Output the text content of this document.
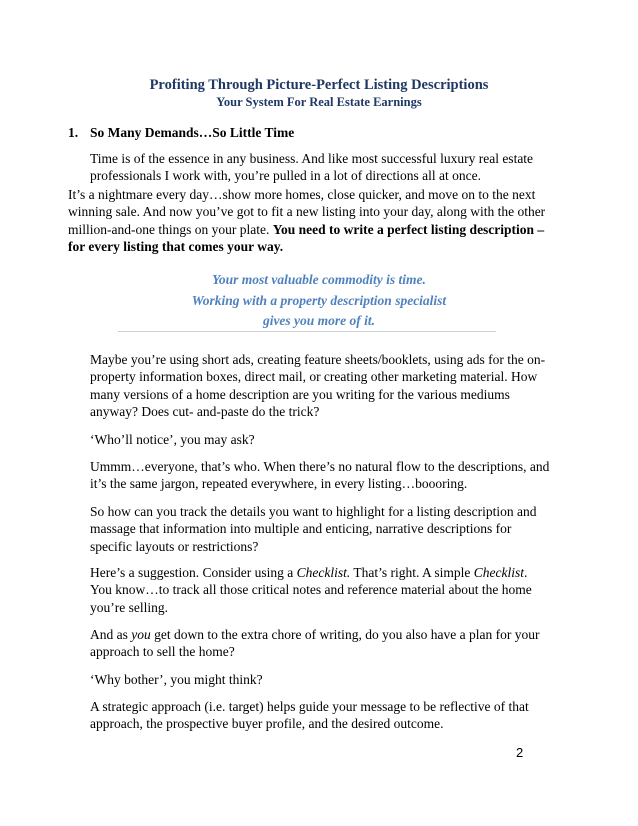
Profiting Through Picture-Perfect Listing Descriptions
Your System For Real Estate Earnings
1. So Many Demands…So Little Time
Time is of the essence in any business. And like most successful luxury real estate professionals I work with, you’re pulled in a lot of directions all at once.
It’s a nightmare every day…show more homes, close quicker, and move on to the next winning sale. And now you’ve got to fit a new listing into your day, along with the other million-and-one things on your plate. You need to write a perfect listing description – for every listing that comes your way.
Your most valuable commodity is time.
Working with a property description specialist
gives you more of it.
Maybe you’re using short ads, creating feature sheets/booklets, using ads for the on-property information boxes, direct mail, or creating other marketing material. How many versions of a home description are you writing for the various mediums anyway? Does cut- and-paste do the trick?
‘Who’ll notice’, you may ask?
Ummm…everyone, that’s who. When there’s no natural flow to the descriptions, and it’s the same jargon, repeated everywhere, in every listing…boooring.
So how can you track the details you want to highlight for a listing description and massage that information into multiple and enticing, narrative descriptions for specific layouts or restrictions?
Here’s a suggestion. Consider using a Checklist. That’s right. A simple Checklist. You know…to track all those critical notes and reference material about the home you’re selling.
And as you get down to the extra chore of writing, do you also have a plan for your approach to sell the home?
‘Why bother’, you might think?
A strategic approach (i.e. target) helps guide your message to be reflective of that approach, the prospective buyer profile, and the desired outcome.
2
